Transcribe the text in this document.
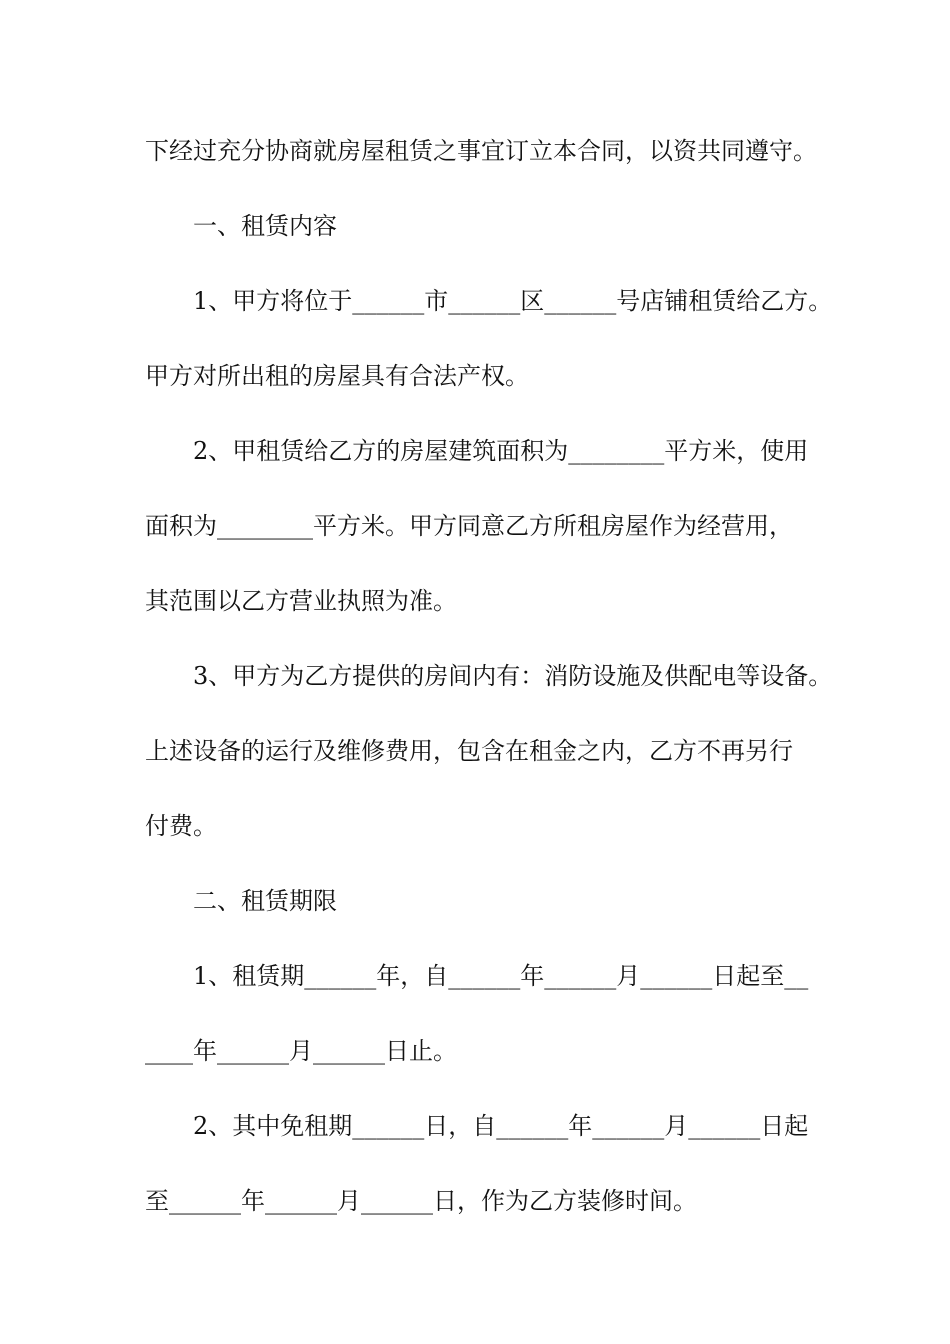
下经过充分协商就房屋租赁之事宜订立本合同，以资共同遵守。
一、租赁内容
1、甲方将位于______市______区______号店铺租赁给乙方。
甲方对所出租的房屋具有合法产权。
2、甲租赁给乙方的房屋建筑面积为________平方米，使用
面积为________平方米。甲方同意乙方所租房屋作为经营用，
其范围以乙方营业执照为准。
3、甲方为乙方提供的房间内有：消防设施及供配电等设备。
上述设备的运行及维修费用，包含在租金之内，乙方不再另行
付费。
二、租赁期限
1、租赁期______年，自______年______月______日起至__
____年______月______日止。
2、其中免租期______日，自______年______月______日起
至______年______月______日，作为乙方装修时间。
